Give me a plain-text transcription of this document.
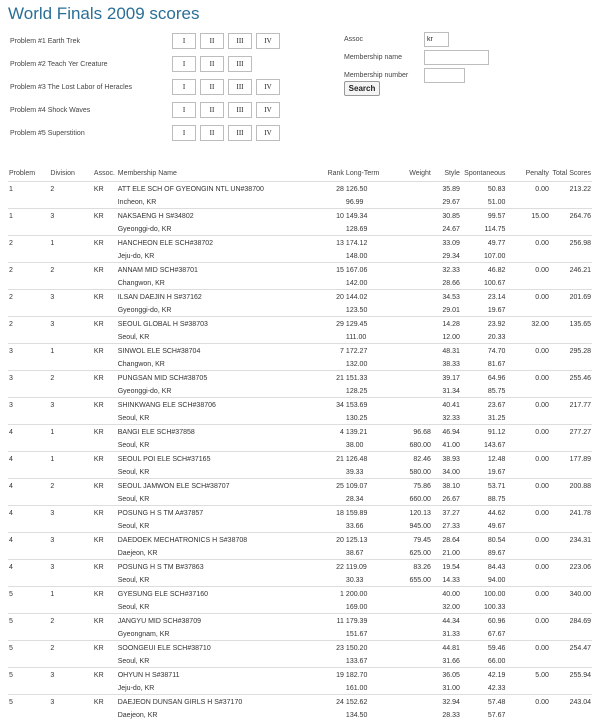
World Finals 2009 scores
Problem #1 Earth Trek	I	II	III	IV
Problem #2 Teach Yer Creature	I	II	III
Problem #3 The Lost Labor of Heracles	I	II	III	IV
Problem #4 Shock Waves	I	II	III	IV
Problem #5 Superstition	I	II	III	IV
Assoc
kr
Membership name
Membership number
Search
Problem	Division	Assoc.	Membership Name	Rank	Long-Term	Weight	Style	Spontaneous	Penalty	Total Scores
1	2	KR	ATT ELE SCH OF GYEONGIN NTL UN#38700	28	126.50		35.89	50.83	0.00	213.22
			Incheon, KR		96.99		29.67	51.00		
1	3	KR	NAKSAENG H S#34802	10	149.34		30.85	99.57	15.00	264.76
			Gyeonggi-do, KR		128.69		24.67	114.75		
2	1	KR	HANCHEON ELE SCH#38702	13	174.12		33.09	49.77	0.00	256.98
			Jeju-do, KR		148.00		29.34	107.00		
2	2	KR	ANNAM MID SCH#38701	15	167.06		32.33	46.82	0.00	246.21
			Changwon, KR		142.00		28.66	100.67		
2	3	KR	ILSAN DAEJIN H S#37162	20	144.02		34.53	23.14	0.00	201.69
			Gyeonggi-do, KR		123.50		29.01	19.67		
2	3	KR	SEOUL GLOBAL H S#38703	29	129.45		14.28	23.92	32.00	135.65
			Seoul, KR		111.00		12.00	20.33		
3	1	KR	SINWOL ELE SCH#38704	7	172.27		48.31	74.70	0.00	295.28
			Changwon, KR		132.00		38.33	81.67		
3	2	KR	PUNGSAN MID SCH#38705	21	151.33		39.17	64.96	0.00	255.46
			Gyeonggi-do, KR		128.25		31.34	85.75		
3	3	KR	SHINKWANG ELE SCH#38706	34	153.69		40.41	23.67	0.00	217.77
			Seoul, KR		130.25		32.33	31.25		
4	1	KR	BANGI ELE SCH#37858	4	139.21	96.68	46.94	91.12	0.00	277.27
			Seoul, KR		38.00	680.00	41.00	143.67		
4	1	KR	SEOUL POI ELE SCH#37165	21	126.48	82.46	38.93	12.48	0.00	177.89
			Seoul, KR		39.33	580.00	34.00	19.67		
4	2	KR	SEOUL JAMWON ELE SCH#38707	25	109.07	75.86	38.10	53.71	0.00	200.88
			Seoul, KR		28.34	660.00	26.67	88.75		
4	3	KR	POSUNG H S TM A#37857	18	159.89	120.13	37.27	44.62	0.00	241.78
			Seoul, KR		33.66	945.00	27.33	49.67		
4	3	KR	DAEDOEK MECHATRONICS H S#38708	20	125.13	79.45	28.64	80.54	0.00	234.31
			Daejeon, KR		38.67	625.00	21.00	89.67		
4	3	KR	POSUNG H S TM B#37863	22	119.09	83.26	19.54	84.43	0.00	223.06
			Seoul, KR		30.33	655.00	14.33	94.00		
5	1	KR	GYESUNG ELE SCH#37160	1	200.00		40.00	100.00	0.00	340.00
			Seoul, KR		169.00		32.00	100.33		
5	2	KR	JANGYU MID SCH#38709	11	179.39		44.34	60.96	0.00	284.69
			Gyeongnam, KR		151.67		31.33	67.67		
5	2	KR	SOONGEUI ELE SCH#38710	23	150.20		44.81	59.46	0.00	254.47
			Seoul, KR		133.67		31.66	66.00		
5	3	KR	OHYUN H S#38711	19	182.70		36.05	42.19	5.00	255.94
			Jeju-do, KR		161.00		31.00	42.33		
5	3	KR	DAEJEON DUNSAN GIRLS H S#37170	24	152.62		32.94	57.48	0.00	243.04
			Daejeon, KR		134.50		28.33	57.67		
